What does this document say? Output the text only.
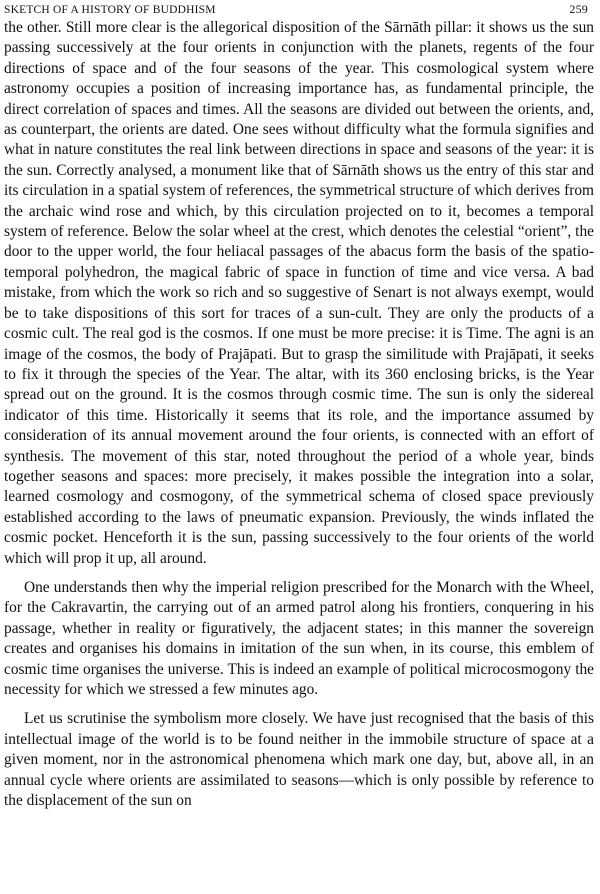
SKETCH OF A HISTORY OF BUDDHISM	259

the other. Still more clear is the allegorical disposition of the Sārnāth pillar: it shows us the sun passing successively at the four orients in conjunction with the planets, regents of the four directions of space and of the four seasons of the year. This cosmological system where astronomy occupies a position of increasing importance has, as fundamental principle, the direct correlation of spaces and times. All the seasons are divided out between the orients, and, as counterpart, the orients are dated. One sees without difficulty what the formula signifies and what in nature constitutes the real link between directions in space and seasons of the year: it is the sun. Correctly analysed, a monument like that of Sārnāth shows us the entry of this star and its circulation in a spatial system of references, the symmetrical structure of which derives from the archaic wind rose and which, by this circulation projected on to it, becomes a temporal system of reference. Below the solar wheel at the crest, which denotes the celestial “orient”, the door to the upper world, the four heliacal passages of the abacus form the basis of the spatio-temporal polyhedron, the magical fabric of space in function of time and vice versa. A bad mistake, from which the work so rich and so suggestive of Senart is not always exempt, would be to take dispositions of this sort for traces of a sun-cult. They are only the products of a cosmic cult. The real god is the cosmos. If one must be more precise: it is Time. The agni is an image of the cosmos, the body of Prajāpati. But to grasp the similitude with Prajāpati, it seeks to fix it through the species of the Year. The altar, with its 360 enclosing bricks, is the Year spread out on the ground. It is the cosmos through cosmic time. The sun is only the sidereal indicator of this time. Historically it seems that its role, and the importance assumed by consideration of its annual movement around the four orients, is connected with an effort of synthesis. The movement of this star, noted throughout the period of a whole year, binds together seasons and spaces: more precisely, it makes possible the integration into a solar, learned cosmology and cosmogony, of the symmetrical schema of closed space previously established according to the laws of pneumatic expansion. Previously, the winds inflated the cosmic pocket. Henceforth it is the sun, passing successively to the four orients of the world which will prop it up, all around.

One understands then why the imperial religion prescribed for the Monarch with the Wheel, for the Cakravartin, the carrying out of an armed patrol along his frontiers, conquering in his passage, whether in reality or figuratively, the adjacent states; in this manner the sovereign creates and organises his domains in imitation of the sun when, in its course, this emblem of cosmic time organises the universe. This is indeed an example of political microcosmogony the necessity for which we stressed a few minutes ago.

Let us scrutinise the symbolism more closely. We have just recognised that the basis of this intellectual image of the world is to be found neither in the immobile structure of space at a given moment, nor in the astronomical phenomena which mark one day, but, above all, in an annual cycle where orients are assimilated to seasons—which is only possible by reference to the displacement of the sun on
